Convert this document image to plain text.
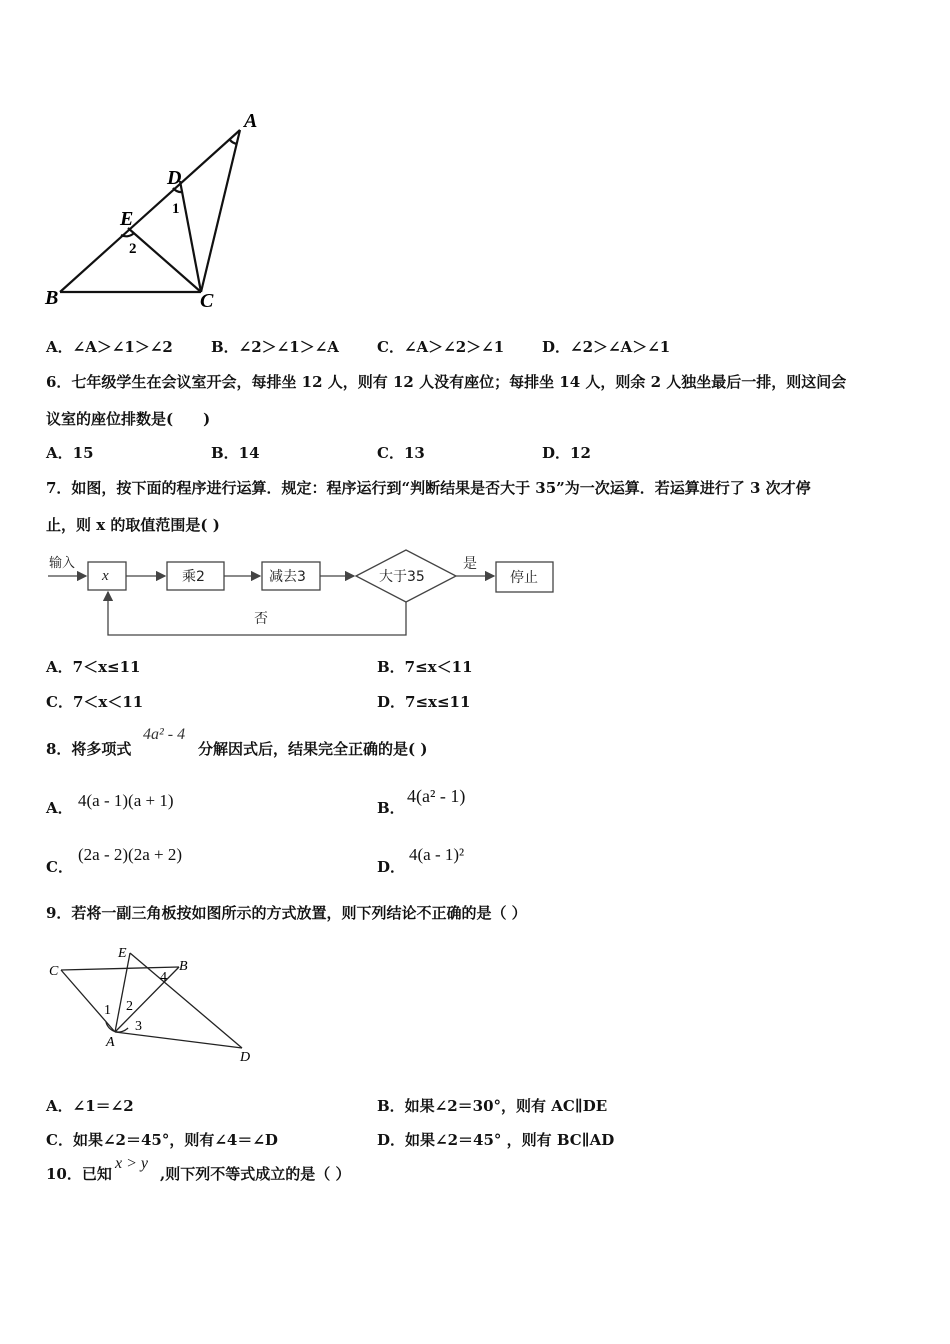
A
B	C
D
E	1
2
A．∠A＞∠1＞∠2	B．∠2＞∠1＞∠A	C．∠A＞∠2＞∠1	D．∠2＞∠A＞∠1
6．七年级学生在会议室开会，每排坐 12 人，则有 12 人没有座位；每排坐 14 人，则余 2 人独坐最后一排，则这间会
议室的座位排数是(　　)
A．15	B．14	C．13	D．12
7．如图，按下面的程序进行运算．规定：程序运行到“判断结果是否大于 35”为一次运算．若运算进行了 3 次才停
止，则 x 的取值范围是( )
输入
x	乘2	减去3	大于35
是
停止
否
A．7＜x≤11	B．7≤x＜11
C．7＜x＜11	D．7≤x≤11
8．将多项式
4a² - 4
分解因式后，结果完全正确的是( )
A． 4(a - 1)(a + 1)	B．
4(a² - 1)
C．
(2a - 2)(2a + 2)
D．
4(a - 1)²
9．若将一副三角板按如图所示的方式放置，则下列结论不正确的是（ ）
C
E
B
A
D
1 2
3
4
A．∠1＝∠2	B．如果∠2＝30°，则有 AC∥DE
C．如果∠2＝45°，则有∠4＝∠D	D．如果∠2＝45° ，则有 BC∥AD
10．已知
x > y
,则下列不等式成立的是（ ）
